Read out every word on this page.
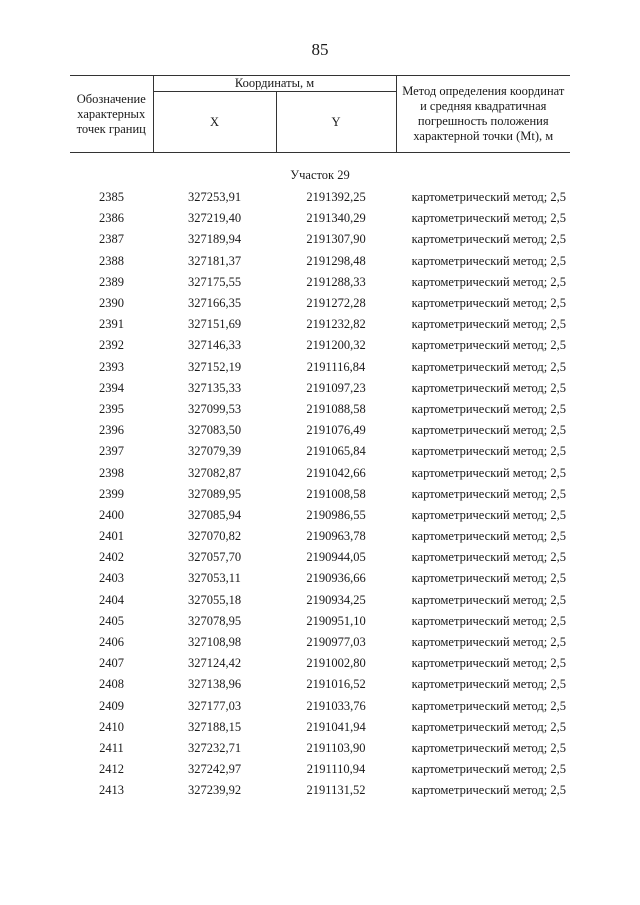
85
Обозначение характерных точек границ	Координаты, м		Метод определения координат и средняя квадратичная погрешность положения характерной точки (Mt), м
	X	Y	
Участок 29			
2385	327253,91	2191392,25	картометрический метод; 2,5
2386	327219,40	2191340,29	картометрический метод; 2,5
2387	327189,94	2191307,90	картометрический метод; 2,5
2388	327181,37	2191298,48	картометрический метод; 2,5
2389	327175,55	2191288,33	картометрический метод; 2,5
2390	327166,35	2191272,28	картометрический метод; 2,5
2391	327151,69	2191232,82	картометрический метод; 2,5
2392	327146,33	2191200,32	картометрический метод; 2,5
2393	327152,19	2191116,84	картометрический метод; 2,5
2394	327135,33	2191097,23	картометрический метод; 2,5
2395	327099,53	2191088,58	картометрический метод; 2,5
2396	327083,50	2191076,49	картометрический метод; 2,5
2397	327079,39	2191065,84	картометрический метод; 2,5
2398	327082,87	2191042,66	картометрический метод; 2,5
2399	327089,95	2191008,58	картометрический метод; 2,5
2400	327085,94	2190986,55	картометрический метод; 2,5
2401	327070,82	2190963,78	картометрический метод; 2,5
2402	327057,70	2190944,05	картометрический метод; 2,5
2403	327053,11	2190936,66	картометрический метод; 2,5
2404	327055,18	2190934,25	картометрический метод; 2,5
2405	327078,95	2190951,10	картометрический метод; 2,5
2406	327108,98	2190977,03	картометрический метод; 2,5
2407	327124,42	2191002,80	картометрический метод; 2,5
2408	327138,96	2191016,52	картометрический метод; 2,5
2409	327177,03	2191033,76	картометрический метод; 2,5
2410	327188,15	2191041,94	картометрический метод; 2,5
2411	327232,71	2191103,90	картометрический метод; 2,5
2412	327242,97	2191110,94	картометрический метод; 2,5
2413	327239,92	2191131,52	картометрический метод; 2,5
